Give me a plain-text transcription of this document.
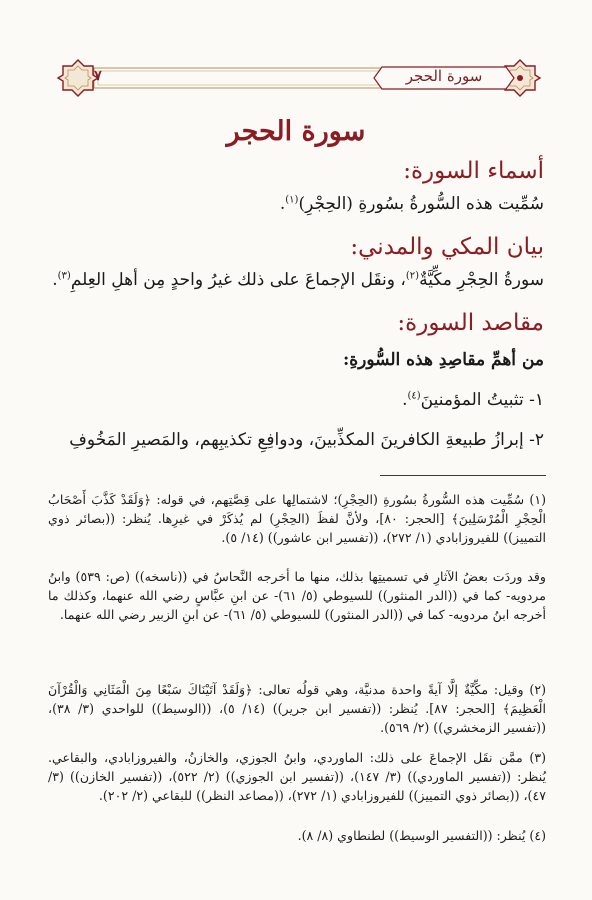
٧	سورة الحجر
سورة الحجر
أسماء السورة:
سُمِّيت هذه السُّورةُ بسُورةِ (الحِجْرِ)$^{(١)}$.
بيان المكي والمدني:
سورةُ الحِجْرِ مكِّيَّةٌ$^{(٢)}$، ونقَل الإجماعَ على ذلك غيرُ واحدٍ مِن أهلِ العِلمِ$^{(٣)}$.
مقاصد السورة:
من أهمِّ مقاصِدِ هذه السُّورةِ:
١- تثبيتُ المؤمنينَ$^{(٤)}$.
٢- إبرازُ طبيعةِ الكافرينَ المكذِّبينَ، ودوافِعِ تكذيبِهم، والمَصيرِ المَخُوفِ
(١) سُمِّيت هذه السُّورةُ بسُورةِ (الحِجْرِ)؛ لاشتمالِها على قِصَّتِهم، في قوله: ﴿وَلَقَدْ كَذَّبَ أَصْحَابُ الْحِجْرِ الْمُرْسَلِينَ﴾ [الحجر: ٨٠]، ولأنَّ لفظَ (الحِجْرِ) لم يُذكَرْ في غيرِها. يُنظر: ((بصائر ذوي التمييز)) للفيروزابادي (١/ ٢٧٢)، ((تفسير ابن عاشور)) (١٤/ ٥).
وقد وردَت بعضُ الآثارِ في تسميتِها بذلك، منها ما أخرجه النَّحاسُ في ((ناسخه)) (ص: ٥٣٩) وابنُ مردويه- كما في ((الدر المنثور)) للسيوطي (٥/ ٦١)- عن ابنِ عبَّاسٍ رضي الله عنهما، وكذلك ما أخرجه ابنُ مردويه- كما في ((الدر المنثور)) للسيوطي (٥/ ٦١)- عن ابنِ الزبير رضي الله عنهما.
(٢) وقيل: مكِّيَّةٌ إلَّا آيةً واحدة مدنيَّة، وهي قولُه تعالى: ﴿وَلَقَدْ آتَيْنَاكَ سَبْعًا مِنَ الْمَثَانِي وَالْقُرْآنَ الْعَظِيمَ﴾ [الحجر: ٨٧]. يُنظر: ((تفسير ابن جرير)) (١٤/ ٥)، ((الوسيط)) للواحدي (٣/ ٣٨)، ((تفسير الزمخشري)) (٢/ ٥٦٩).
(٣) ممَّن نقَل الإجماعَ على ذلك: الماوردي، وابنُ الجوزي، والخازنُ، والفيروزابادي، والبقاعي. يُنظر: ((تفسير الماوردي)) (٣/ ١٤٧)، ((تفسير ابن الجوزي)) (٢/ ٥٢٢)، ((تفسير الخازن)) (٣/ ٤٧)، ((بصائر ذوي التمييز)) للفيروزابادي (١/ ٢٧٢)، ((مصاعد النظر)) للبقاعي (٢/ ٢٠٢).
(٤) يُنظر: ((التفسير الوسيط)) لطنطاوي (٨/ ٨).
